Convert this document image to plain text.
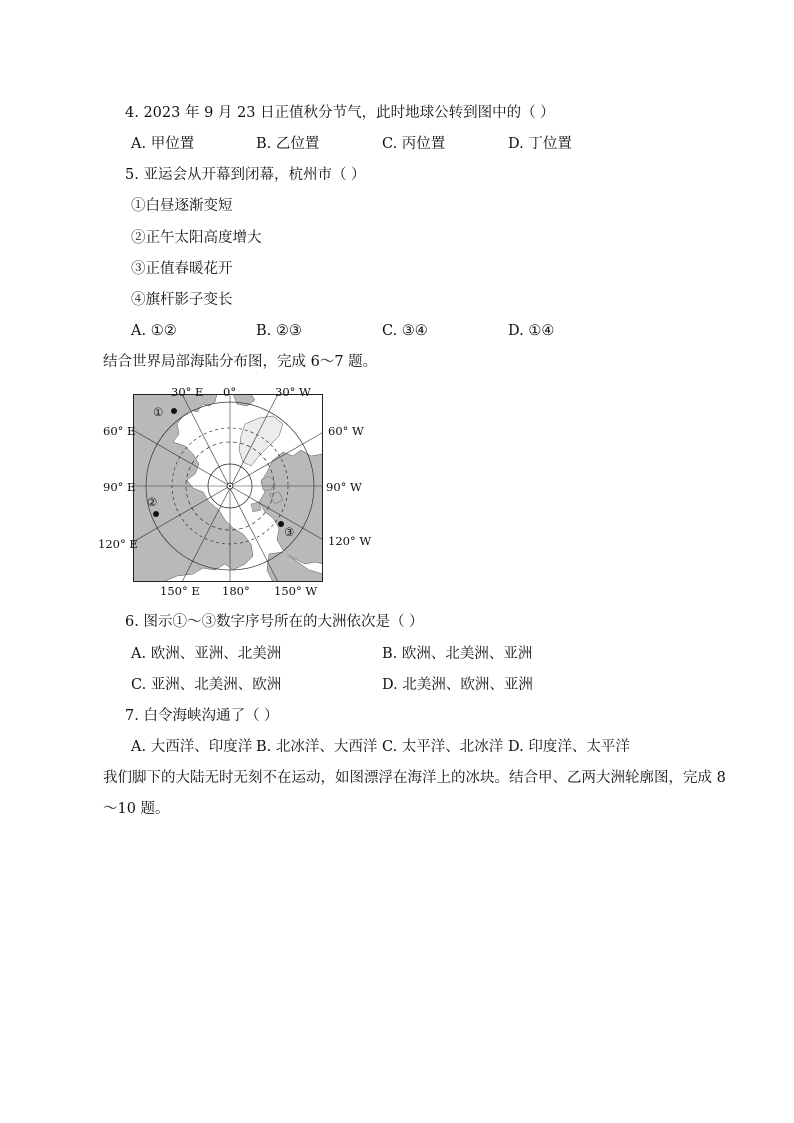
4. 2023 年 9 月 23 日正值秋分节气，此时地球公转到图中的（ ）
A. 甲位置	B. 乙位置	C. 丙位置	D. 丁位置
5. 亚运会从开幕到闭幕，杭州市（ ）
①白昼逐渐变短
②正午太阳高度增大
③正值春暖花开
④旗杆影子变长
A. ①②	B. ②③	C. ③④	D. ①④
结合世界局部海陆分布图，完成 6～7 题。
①
②
③
30° E 0°	30° W
60° E
90° E
120° E
60° W
90° W
120° W
150° E 180° 150° W
6. 图示①～③数字序号所在的大洲依次是（ ）
A. 欧洲、亚洲、北美洲	B. 欧洲、北美洲、亚洲
C. 亚洲、北美洲、欧洲	D. 北美洲、欧洲、亚洲
7. 白令海峡沟通了（ ）
A. 大西洋、印度洋 B. 北冰洋、大西洋 C. 太平洋、北冰洋 D. 印度洋、太平洋
我们脚下的大陆无时无刻不在运动，如图漂浮在海洋上的冰块。结合甲、乙两大洲轮廓图，完成 8
～10 题。
